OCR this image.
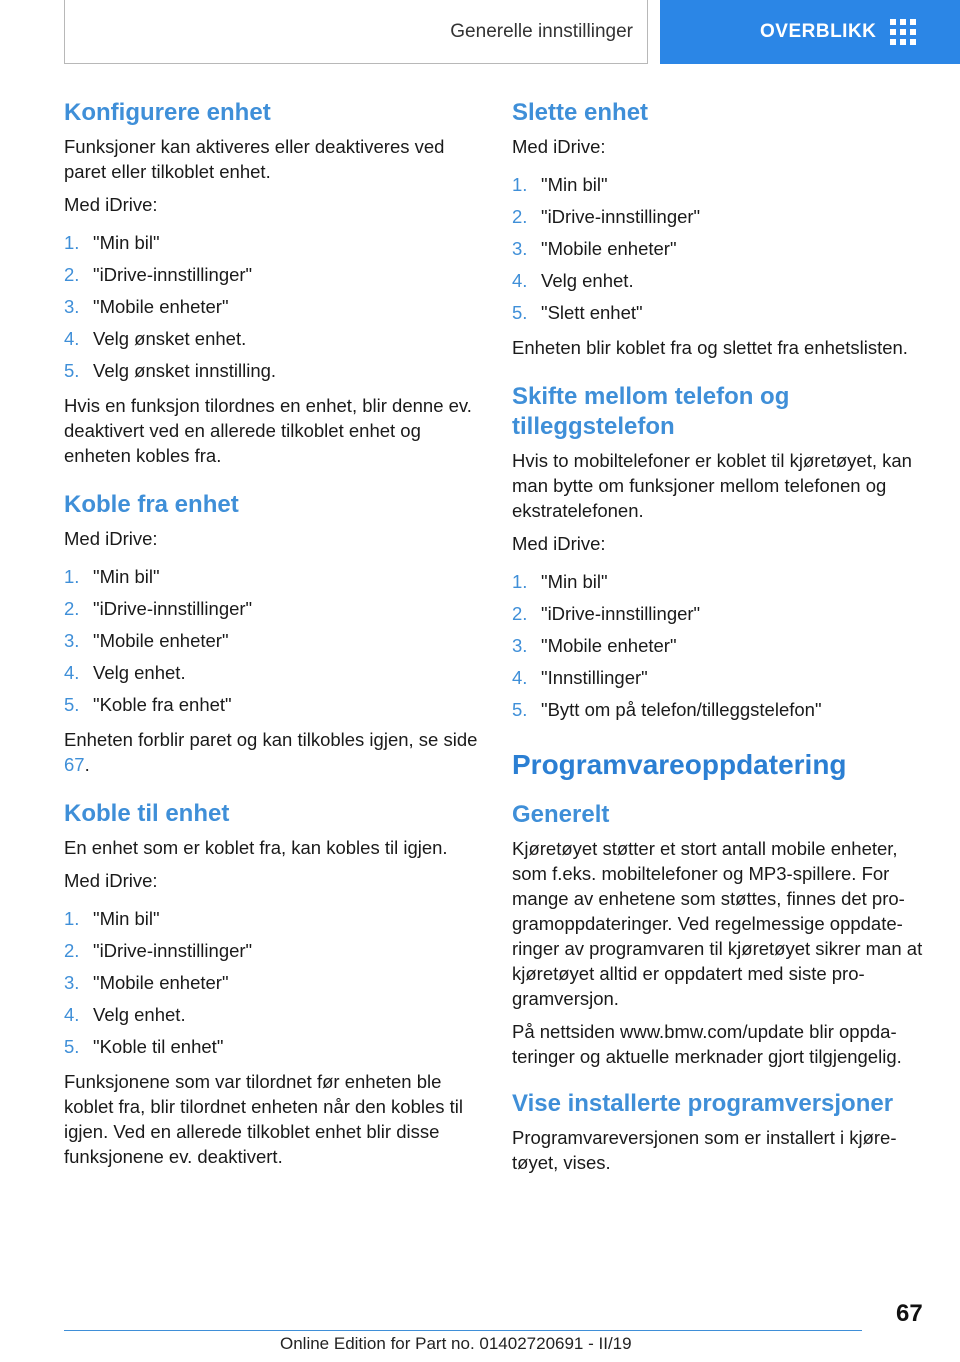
Generelle innstillinger	OVERBLIKK
Konfigurere enhet

Funksjoner kan aktiveres eller deaktiveres ved paret eller tilkoblet enhet.

Med iDrive:

1. "Min bil"
2. "iDrive-innstillinger"
3. "Mobile enheter"
4. Velg ønsket enhet.
5. Velg ønsket innstilling.

Hvis en funksjon tilordnes en enhet, blir denne ev. deaktivert ved en allerede tilkoblet enhet og enheten kobles fra.

Koble fra enhet

Med iDrive:

1. "Min bil"
2. "iDrive-innstillinger"
3. "Mobile enheter"
4. Velg enhet.
5. "Koble fra enhet"

Enheten forblir paret og kan tilkobles igjen, se side 67.

Koble til enhet

En enhet som er koblet fra, kan kobles til igjen.

Med iDrive:

1. "Min bil"
2. "iDrive-innstillinger"
3. "Mobile enheter"
4. Velg enhet.
5. "Koble til enhet"

Funksjonene som var tilordnet før enheten ble koblet fra, blir tilordnet enheten når den kobles til igjen. Ved en allerede tilkoblet enhet blir disse funksjonene ev. deaktivert.

Slette enhet

Med iDrive:

1. "Min bil"
2. "iDrive-innstillinger"
3. "Mobile enheter"
4. Velg enhet.
5. "Slett enhet"

Enheten blir koblet fra og slettet fra enhetslisten.

Skifte mellom telefon og tilleggstelefon

Hvis to mobiltelefoner er koblet til kjøretøyet, kan man bytte om funksjoner mellom telefonen og ekstratelefonen.

Med iDrive:

1. "Min bil"
2. "iDrive-innstillinger"
3. "Mobile enheter"
4. "Innstillinger"
5. "Bytt om på telefon/tilleggstelefon"
Programvareoppdatering
Generelt

Kjøretøyet støtter et stort antall mobile enheter, som f.eks. mobiltelefoner og MP3-spillere. For mange av enhetene som støttes, finnes det programoppdateringer. Ved regelmessige oppdateringer av programvaren til kjøretøyet sikrer man at kjøretøyet alltid er oppdatert med siste programversjon.

På nettsiden www.bmw.com/update blir oppdateringer og aktuelle merknader gjort tilgjengelig.

Vise installerte programversjoner

Programvareversjonen som er installert i kjøretøyet, vises.

67
Online Edition for Part no. 01402720691 - II/19
